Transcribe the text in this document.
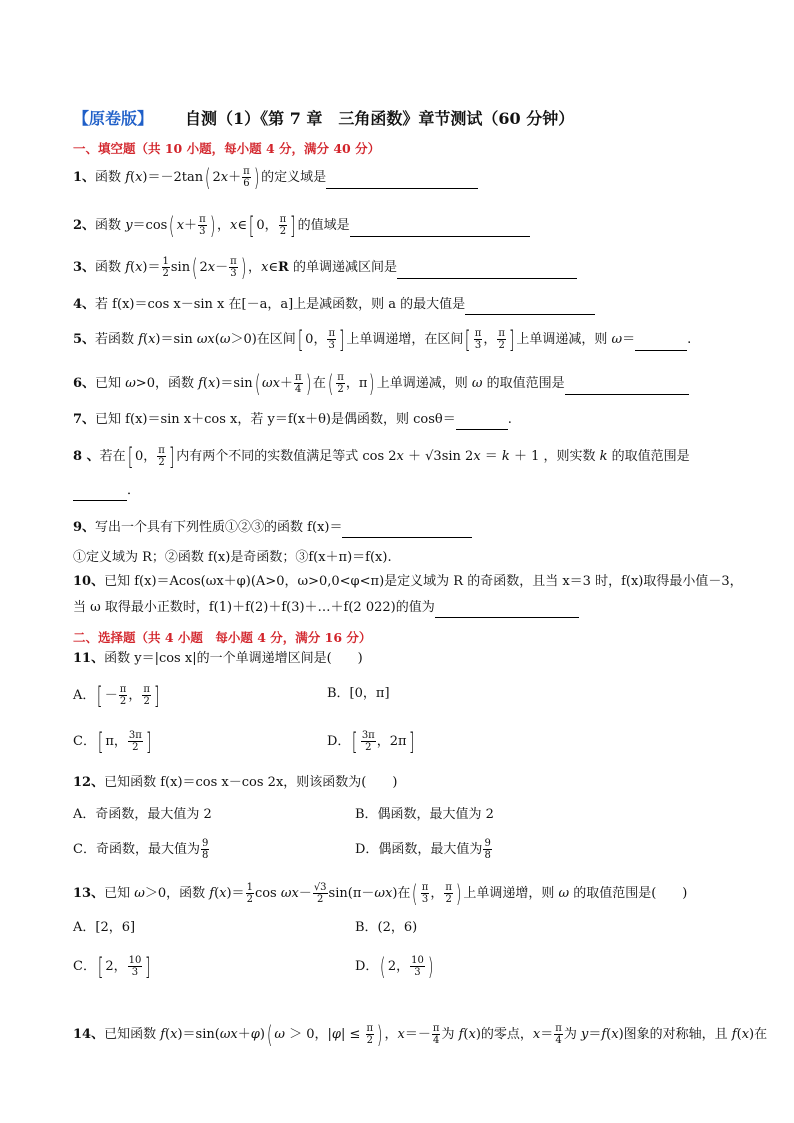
【原卷版】 自测（1）《第 7 章　三角函数》章节测试（60 分钟）
一、填空题（共 10 小题，每小题 4 分，满分 40 分）
1、函数 f(x)＝－2tan( $2x+ \frac{\pi}{6}$ ) 的定义域是
2、函数 y＝cos( $x+ \frac{\pi}{3}$ ) ，x∈[ 0， $\frac{\pi}{2}$ ] 的值域是
3、函数 $f(x)= \frac{1}{2} \sin$( $2x- \frac{\pi}{3}$ ) ，x∈R 的单调递减区间是
4、若 f(x)＝cos x－sin x 在[－a，a]上是减函数，则 a 的最大值是
5、若函数 f(x)＝sin ωx(ω＞0)在区间[ 0， $\frac{\pi}{3}$ ] 上单调递增，在区间[ $\frac{\pi}{3}$ ， $\frac{\pi}{2}$ ] 上单调递减，则 ω＝	.
6、已知 ω>0，函数 f(x)＝sin( $\omega x+ \frac{\pi}{4}$ ) 在( $\frac{\pi}{2}$ ，π) 上单调递减，则 ω 的取值范围是
7、已知 f(x)＝sin x＋cos x，若 y＝f(x＋θ)是偶函数，则 cosθ＝	.
8 、若在[ 0， $\frac{\pi}{2}$ ] 内有两个不同的实数值满足等式 cos 2x ＋ √3sin 2x ＝ k ＋ 1 ，则实数 k 的取值范围是
．
9、写出一个具有下列性质①②③的函数 f(x)＝
①定义域为 R；②函数 f(x)是奇函数；③f(x＋π)＝f(x).
10、已知 f(x)＝Acos(ωx＋φ)(A>0，ω>0,0<φ<π)是定义域为 R 的奇函数，且当 x＝3 时，f(x)取得最小值－3，
当 ω 取得最小正数时，f(1)＋f(2)＋f(3)＋…＋f(2 022)的值为
二、选择题（共 4 小题　每小题 4 分，满分 16 分）
11、函数 y＝|cos x|的一个单调递增区间是(　　)
A．[ － $\frac{\pi}{2}$ ， $\frac{\pi}{2}$ ]	B．[0，π]
C．[ π， $\frac{3\pi}{2}$ ]	D．[ $\frac{3\pi}{2}$ ，2π]
12、已知函数 f(x)＝cos x－cos 2x，则该函数为(　　)
A．奇函数，最大值为 2	B．偶函数，最大值为 2
C．奇函数，最大值为 $\frac{9}{8}$	D．偶函数，最大值为 $\frac{9}{8}$
13、已知 ω＞0，函数 $f(x)= \frac{1}{2}$ $\cos \omega x- \frac{√3}{2} \sin(\pi-\omega x)$在( $\frac{\pi}{3}$ ， $\frac{\pi}{2}$ ) 上单调递增，则 ω 的取值范围是(　　)
A．[2，6]	B．(2，6)
C．[ 2， $\frac{10}{3}$ ]	D．( 2， $\frac{10}{3}$ )
14、已知函数 f(x)＝sin(ωx＋φ)( ω ＞ 0，$|\varphi| \le \frac{\pi}{2}$ ) ，$x=- \frac{\pi}{4}$ 为 f(x)的零点，$x= \frac{\pi}{4}$ 为 y＝f(x)图象的对称轴，且 f(x)在
